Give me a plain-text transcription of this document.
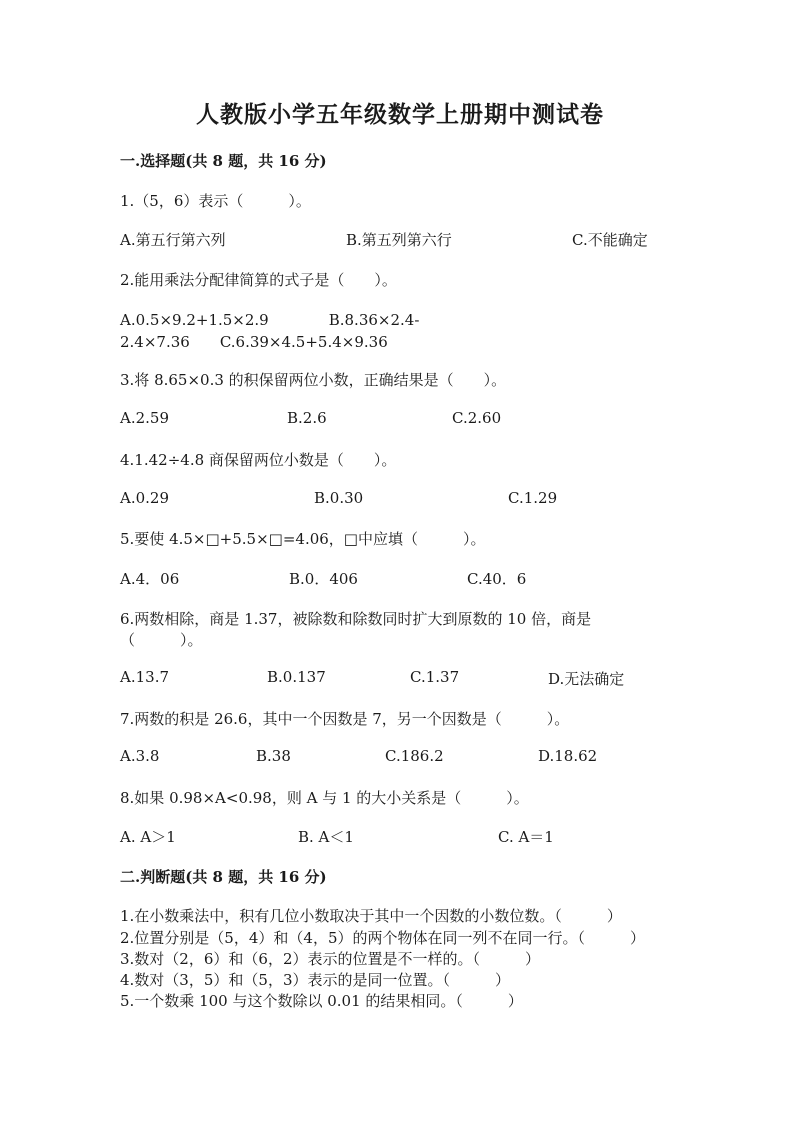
人教版小学五年级数学上册期中测试卷
一.选择题(共 8 题，共 16 分)
1.（5，6）表示（　　　）。
A.第五行第六列	B.第五列第六行	C.不能确定
2.能用乘法分配律简算的式子是（　　）。
A.0.5×9.2+1.5×2.9　　　　B.8.36×2.4-
2.4×7.36　　C.6.39×4.5+5.4×9.36
3.将 8.65×0.3 的积保留两位小数，正确结果是（　　）。
A.2.59	B.2.6	C.2.60
4.1.42÷4.8 商保留两位小数是（　　）。
A.0.29	B.0.30	C.1.29
5.要使 4.5×□+5.5×□=4.06，□中应填（　　　）。
A.4．06	B.0．406	C.40．6
6.两数相除，商是 1.37，被除数和除数同时扩大到原数的 10 倍，商是
（　　　）。
A.13.7	B.0.137	C.1.37	D.无法确定
7.两数的积是 26.6，其中一个因数是 7，另一个因数是（　　　）。
A.3.8	B.38	C.186.2	D.18.62
8.如果 0.98×A<0.98，则 A 与 1 的大小关系是（　　　）。
A. A＞1	B. A＜1	C. A＝1
二.判断题(共 8 题，共 16 分)
1.在小数乘法中，积有几位小数取决于其中一个因数的小数位数。（　　　）
2.位置分别是（5，4）和（4，5）的两个物体在同一列不在同一行。（　　　）
3.数对（2，6）和（6，2）表示的位置是不一样的。（　　　）
4.数对（3，5）和（5，3）表示的是同一位置。（　　　）
5.一个数乘 100 与这个数除以 0.01 的结果相同。（　　　）
